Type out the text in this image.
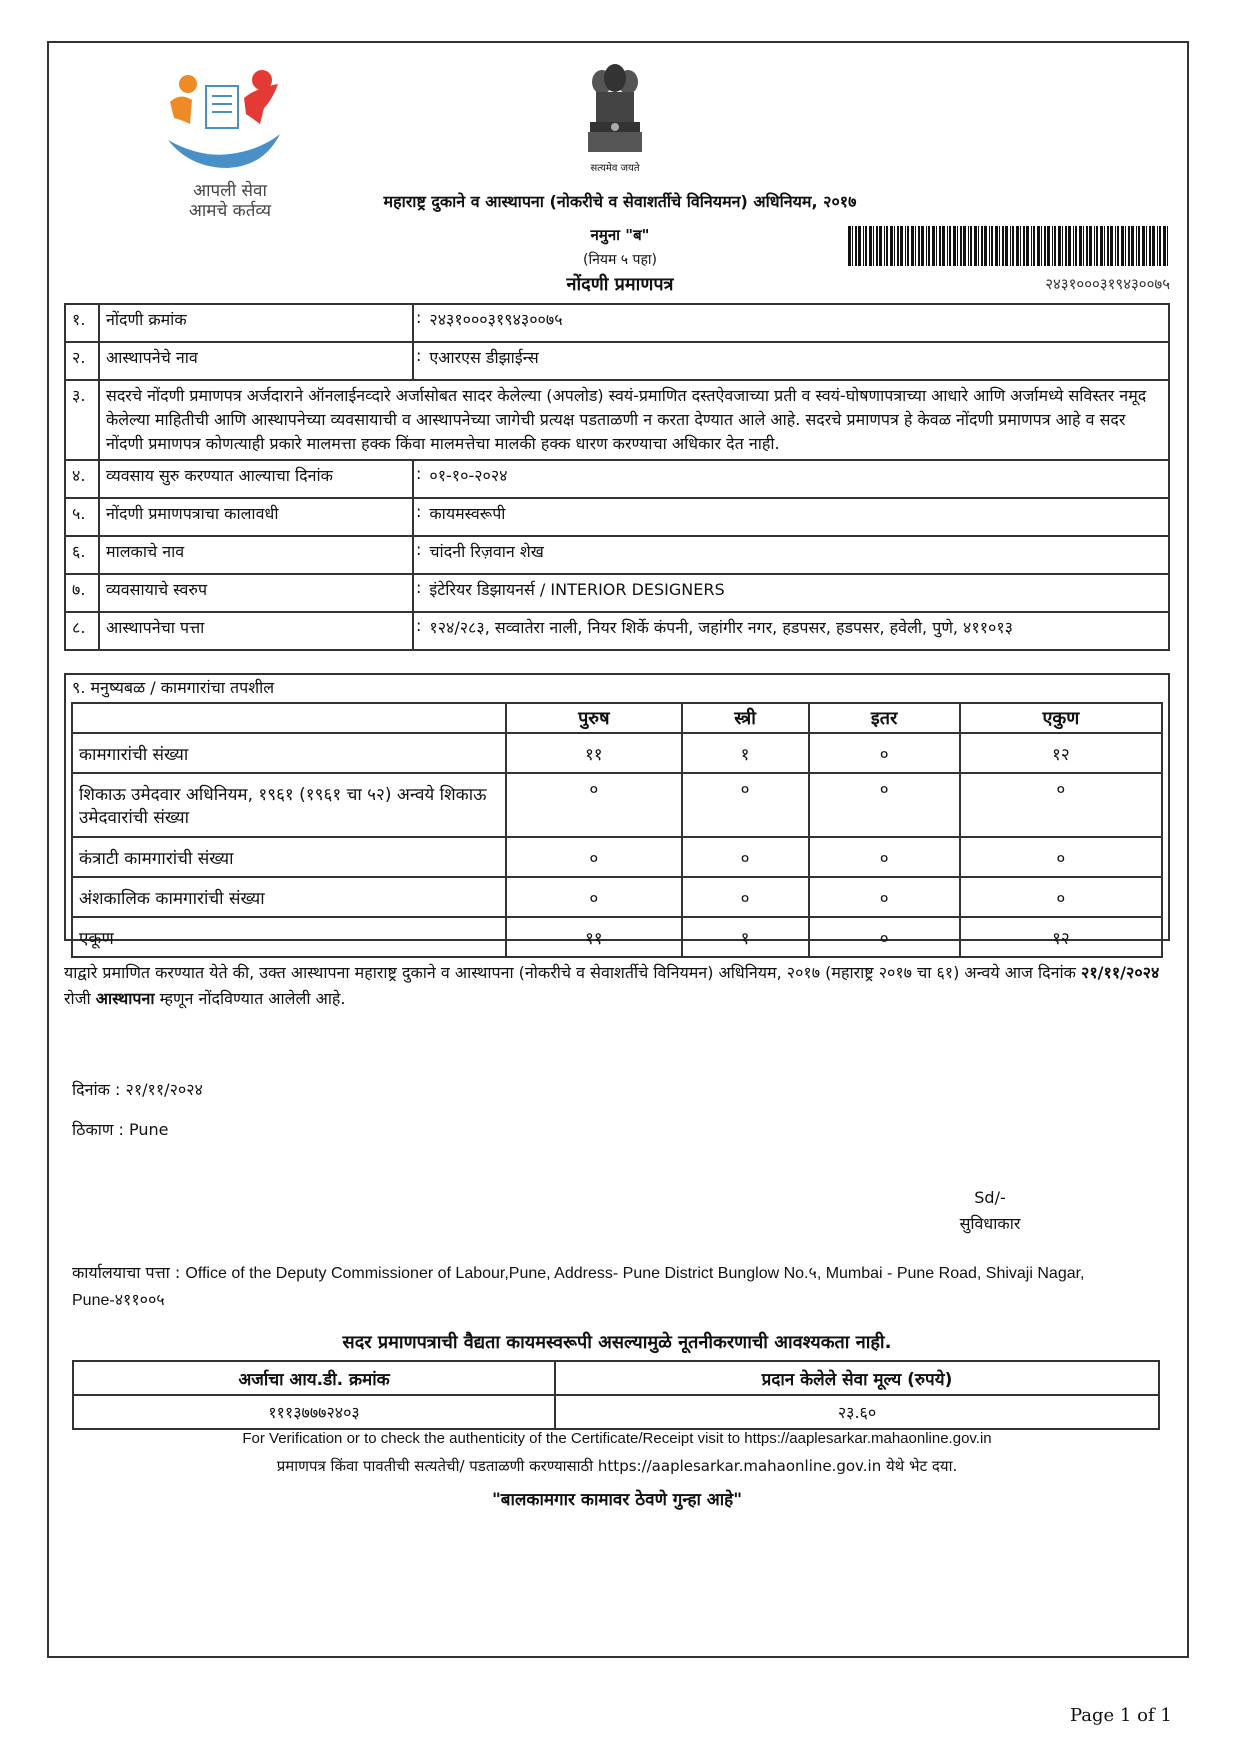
आपली सेवा
आमचे कर्तव्य
सत्यमेव जयते
महाराष्ट्र दुकाने व आस्थापना (नोकरीचे व सेवाशर्तीचे विनियमन) अधिनियम, २०१७
नमुना "ब"
(नियम ५ पहा)
नोंदणी प्रमाणपत्र	२४३१०००३१९४३००७५
१.	नोंदणी क्रमांक	:	२४३१०००३१९४३००७५
२.	आस्थापनेचे नाव	:	एआरएस डीझाईन्स
३.	सदरचे नोंदणी प्रमाणपत्र अर्जदाराने ऑनलाईनव्दारे अर्जासोबत सादर केलेल्या (अपलोड) स्वयं-प्रमाणित दस्तऐवजाच्या प्रती व स्वयं-घोषणापत्राच्या आधारे आणि अर्जामध्ये सविस्तर नमूद केलेल्या माहितीची आणि आस्थापनेच्या व्यवसायाची व आस्थापनेच्या जागेची प्रत्यक्ष पडताळणी न करता देण्यात आले आहे. सदरचे प्रमाणपत्र हे केवळ नोंदणी प्रमाणपत्र आहे व सदर नोंदणी प्रमाणपत्र कोणत्याही प्रकारे मालमत्ता हक्क किंवा मालमत्तेचा मालकी हक्क धारण करण्याचा अधिकार देत नाही.		
४.	व्यवसाय सुरु करण्यात आल्याचा दिनांक	:	०१-१०-२०२४
५.	नोंदणी प्रमाणपत्राचा कालावधी	:	कायमस्वरूपी
६.	मालकाचे नाव	:	चांदनी रिज़वान शेख
७.	व्यवसायाचे स्वरुप	:	इंटेरियर डिझायनर्स / INTERIOR DESIGNERS
८.	आस्थापनेचा पत्ता	:	१२४/२८३, सव्वातेरा नाली, नियर शिर्के कंपनी, जहांगीर नगर, हडपसर, हडपसर, हवेली, पुणे, ४११०१३
९. मनुष्यबळ / कामगारांचा तपशील
	पुरुष	स्त्री	इतर	एकुण
कामगारांची संख्या	११	१	०	१२
शिकाऊ उमेदवार अधिनियम, १९६१ (१९६१ चा ५२) अन्वये शिकाऊ उमेदवारांची संख्या	०	०	०	०
कंत्राटी कामगारांची संख्या	०	०	०	०
अंशकालिक कामगारांची संख्या	०	०	०	०
एकूण	११	१	०	१२
याद्वारे प्रमाणित करण्यात येते की, उक्त आस्थापना महाराष्ट्र दुकाने व आस्थापना (नोकरीचे व सेवाशर्तीचे विनियमन) अधिनियम, २०१७ (महाराष्ट्र २०१७ चा ६१) अन्वये आज दिनांक २१/११/२०२४ रोजी आस्थापना म्हणून नोंदविण्यात आलेली आहे.
दिनांक : २१/११/२०२४
ठिकाण : Pune
Sd/-
सुविधाकार
कार्यालयाचा पत्ता : Office of the Deputy Commissioner of Labour,Pune, Address- Pune District Bunglow No.५, Mumbai - Pune Road, Shivaji Nagar, Pune-४११००५
सदर प्रमाणपत्राची वैद्यता कायमस्वरूपी असल्यामुळे नूतनीकरणाची आवश्यकता नाही.
अर्जाचा आय.डी. क्रमांक	प्रदान केलेले सेवा मूल्य (रुपये)
१११३७७७२४०३	२३.६०
For Verification or to check the authenticity of the Certificate/Receipt visit to https://aaplesarkar.mahaonline.gov.in
प्रमाणपत्र किंवा पावतीची सत्यतेची/ पडताळणी करण्यासाठी https://aaplesarkar.mahaonline.gov.in येथे भेट दया.
"बालकामगार कामावर ठेवणे गुन्हा आहे"
Page 1 of 1
